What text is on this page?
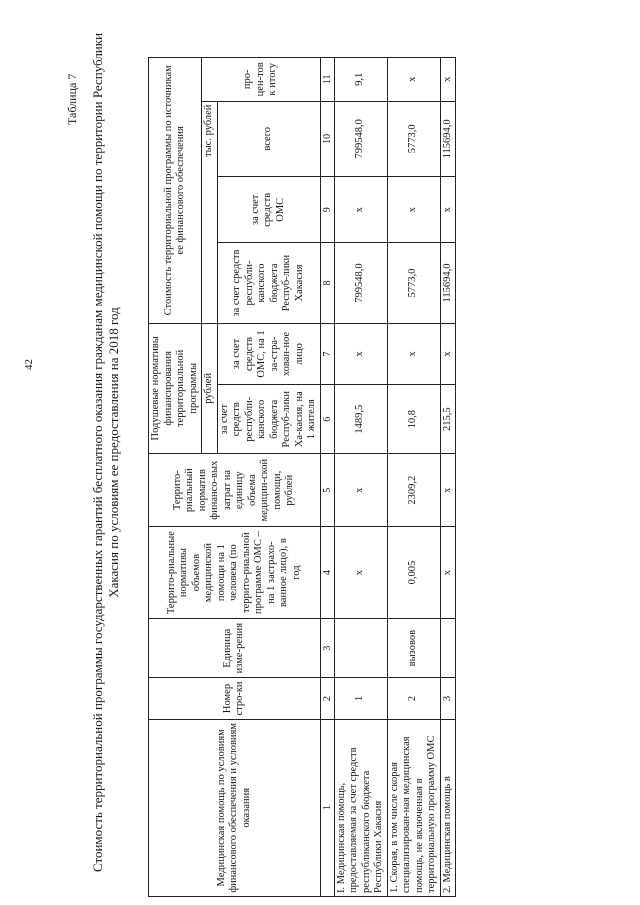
42
Таблица 7 Стоимость территориальной программы государственных гарантий бесплатного оказания гражданам медицинской помощи по территории Республики Хакасия по условиям ее предоставления на 2018 год
Медицинская помощь по условиям финансового обеспечения и условиям оказания	Номер стро-ки	Единица изме-рения	Террито-риальные нормативы объемов медицинской помощи на 1 человека (по террито-риальной программе ОМС – на 1 застрахо-ванное лицо), в год	Террито-риальный норматив финансо-вых затрат на единицу объема медицин-ской помощи, рублей	Подушевые нормативы финансирования территориальной программы		Стоимость территориальной программы по источникам ее финансового обеспечения			
					рублей		тыс. рублей			про-цен-тов к итогу
					за счет средств республи-канского бюджета Респуб-лики Ха-касия, на 1 жителя	за счет средств ОМС, на 1 за-стра-хован-ное лицо	за счет средств республи-канского бюджета Респуб-лики Хакасия	за счет средств ОМС	всего	
1	2	3	4	5	6	7	8	9	10	11
I. Медицинская помощь, предоставляемая за счет средств республиканского бюджета Республики Хакасия	1		x	x	1489,5	x	799548,0	x	799548,0	9,1
1. Скорая, в том числе скорая специализирован-ная медицинская помощь, не включенная в территориальную программу ОМС	2	вызовов	0,005	2309,2	10,8	x	5773,0	x	5773,0	x
2. Медицинская помощь в	3		x	x	215,5	x	115694,0	x	115694,0	x
